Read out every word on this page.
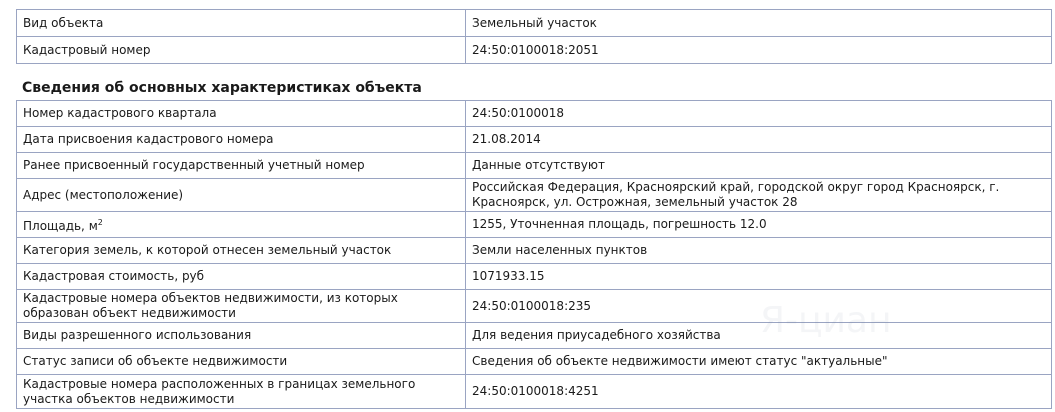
Вид объекта	Земельный участок
Кадастровый номер	24:50:0100018:2051
Сведения об основных характеристиках объекта
Номер кадастрового квартала	24:50:0100018
Дата присвоения кадастрового номера	21.08.2014
Ранее присвоенный государственный учетный номер	Данные отсутствуют
Адрес (местоположение)	Российская Федерация, Красноярский край, городской округ город Красноярск, г. Красноярск, ул. Острожная, земельный участок 28
Площадь, $м^2$	1255, Уточненная площадь, погрешность 12.0
Категория земель, к которой отнесен земельный участок	Земли населенных пунктов
Кадастровая стоимость, руб	1071933.15
Кадастровые номера объектов недвижимости, из которых образован объект недвижимости	24:50:0100018:235
Виды разрешенного использования	Для ведения приусадебного хозяйства
Статус записи об объекте недвижимости	Сведения об объекте недвижимости имеют статус "актуальные"
Кадастровые номера расположенных в границах земельного участка объектов недвижимости	24:50:0100018:4251
Я-циан
